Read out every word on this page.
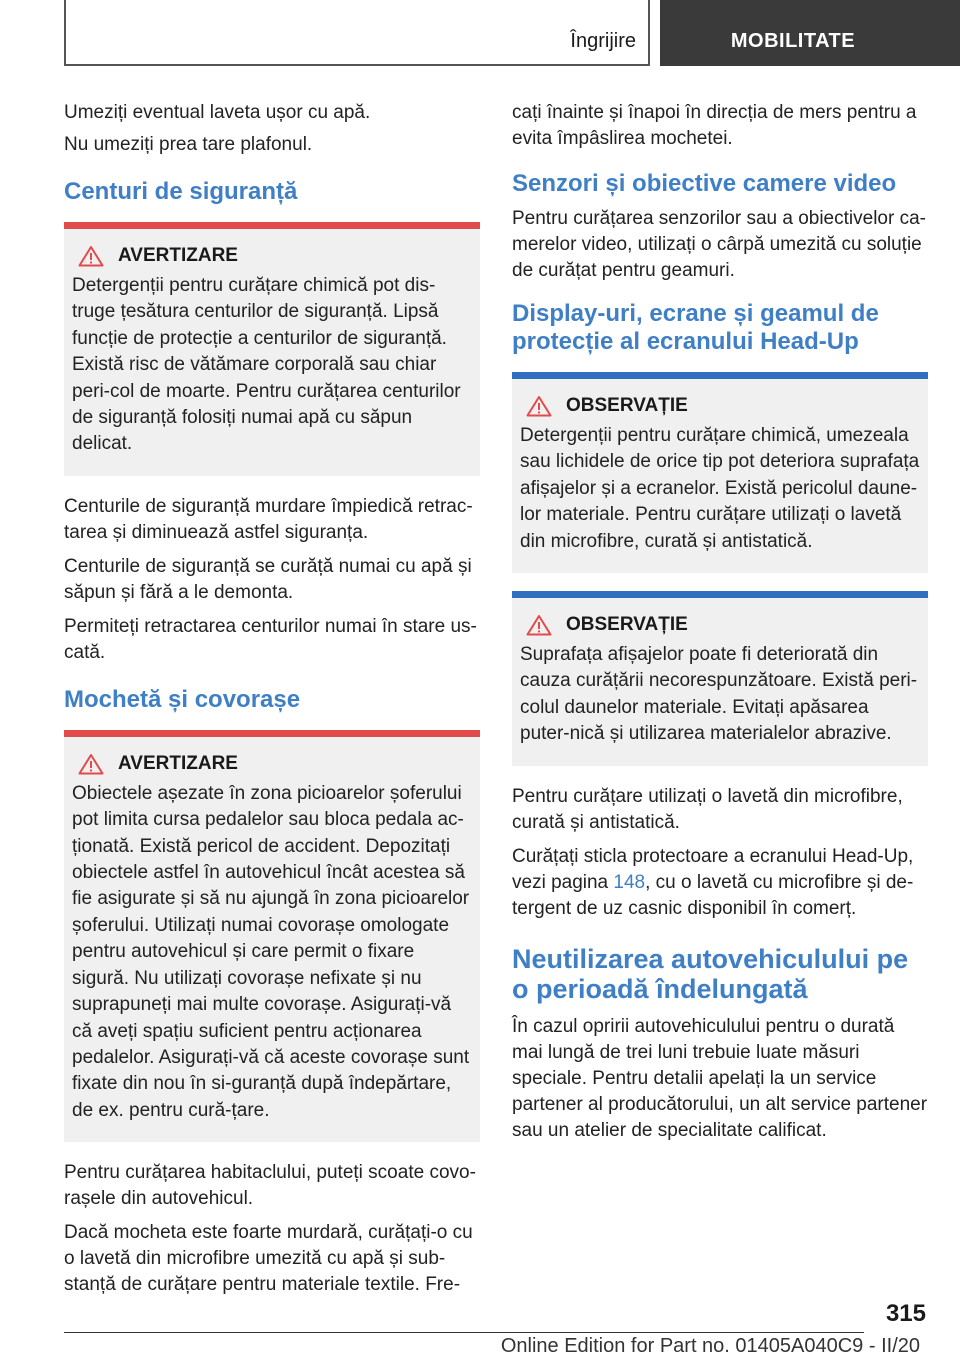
Îngrijire	MOBILITATE

Umeziți eventual laveta ușor cu apă.

Nu umeziți prea tare plafonul.

Centuri de siguranță
AVERTIZARE

Detergenții pentru curățare chimică pot dis-truge țesătura centurilor de siguranță. Lipsă funcție de protecție a centurilor de siguranță. Există risc de vătămare corporală sau chiar peri-col de moarte. Pentru curățarea centurilor de siguranță folosiți numai apă cu săpun delicat.

Centurile de siguranță murdare împiedică retrac-tarea și diminuează astfel siguranța.

Centurile de siguranță se curăță numai cu apă și săpun și fără a le demonta.

Permiteți retractarea centurilor numai în stare us-cată.

Mochetă și covorașe
AVERTIZARE

Obiectele așezate în zona picioarelor șoferului pot limita cursa pedalelor sau bloca pedala ac-ționată. Există pericol de accident. Depozitați obiectele astfel în autovehicul încât acestea să fie asigurate și să nu ajungă în zona picioarelor șoferului. Utilizați numai covorașe omologate pentru autovehicul și care permit o fixare sigură. Nu utilizați covorașe nefixate și nu suprapuneți mai multe covorașe. Asigurați-vă că aveți spațiu suficient pentru acționarea pedalelor. Asigurați-vă că aceste covorașe sunt fixate din nou în si-guranță după îndepărtare, de ex. pentru cură-țare.

Pentru curățarea habitaclului, puteți scoate covo-rașele din autovehicul.

Dacă mocheta este foarte murdară, curățați-o cu o lavetă din microfibre umezită cu apă și sub-stanță de curățare pentru materiale textile. Fre-

cați înainte și înapoi în direcția de mers pentru a evita împâslirea mochetei.

Senzori și obiective camere video

Pentru curățarea senzorilor sau a obiectivelor ca-merelor video, utilizați o cârpă umezită cu soluție de curățat pentru geamuri.

Display-uri, ecrane și geamul de protecție al ecranului Head-Up
OBSERVAȚIE

Detergenții pentru curățare chimică, umezeala sau lichidele de orice tip pot deteriora suprafața afișajelor și a ecranelor. Există pericolul daune-lor materiale. Pentru curățare utilizați o lavetă din microfibre, curată și antistatică.

OBSERVAȚIE

Suprafața afișajelor poate fi deteriorată din cauza curățării necorespunzătoare. Există peri-colul daunelor materiale. Evitați apăsarea puter-nică și utilizarea materialelor abrazive.

Pentru curățare utilizați o lavetă din microfibre, curată și antistatică.

Curățați sticla protectoare a ecranului Head-Up, vezi pagina 148, cu o lavetă cu microfibre și de-tergent de uz casnic disponibil în comerț.

Neutilizarea autovehiculului pe o perioadă îndelungată

În cazul opririi autovehiculului pentru o durată mai lungă de trei luni trebuie luate măsuri speciale. Pentru detalii apelați la un service partener al producătorului, un alt service partener sau un atelier de specialitate calificat.

315
Online Edition for Part no. 01405A040C9 - II/20
